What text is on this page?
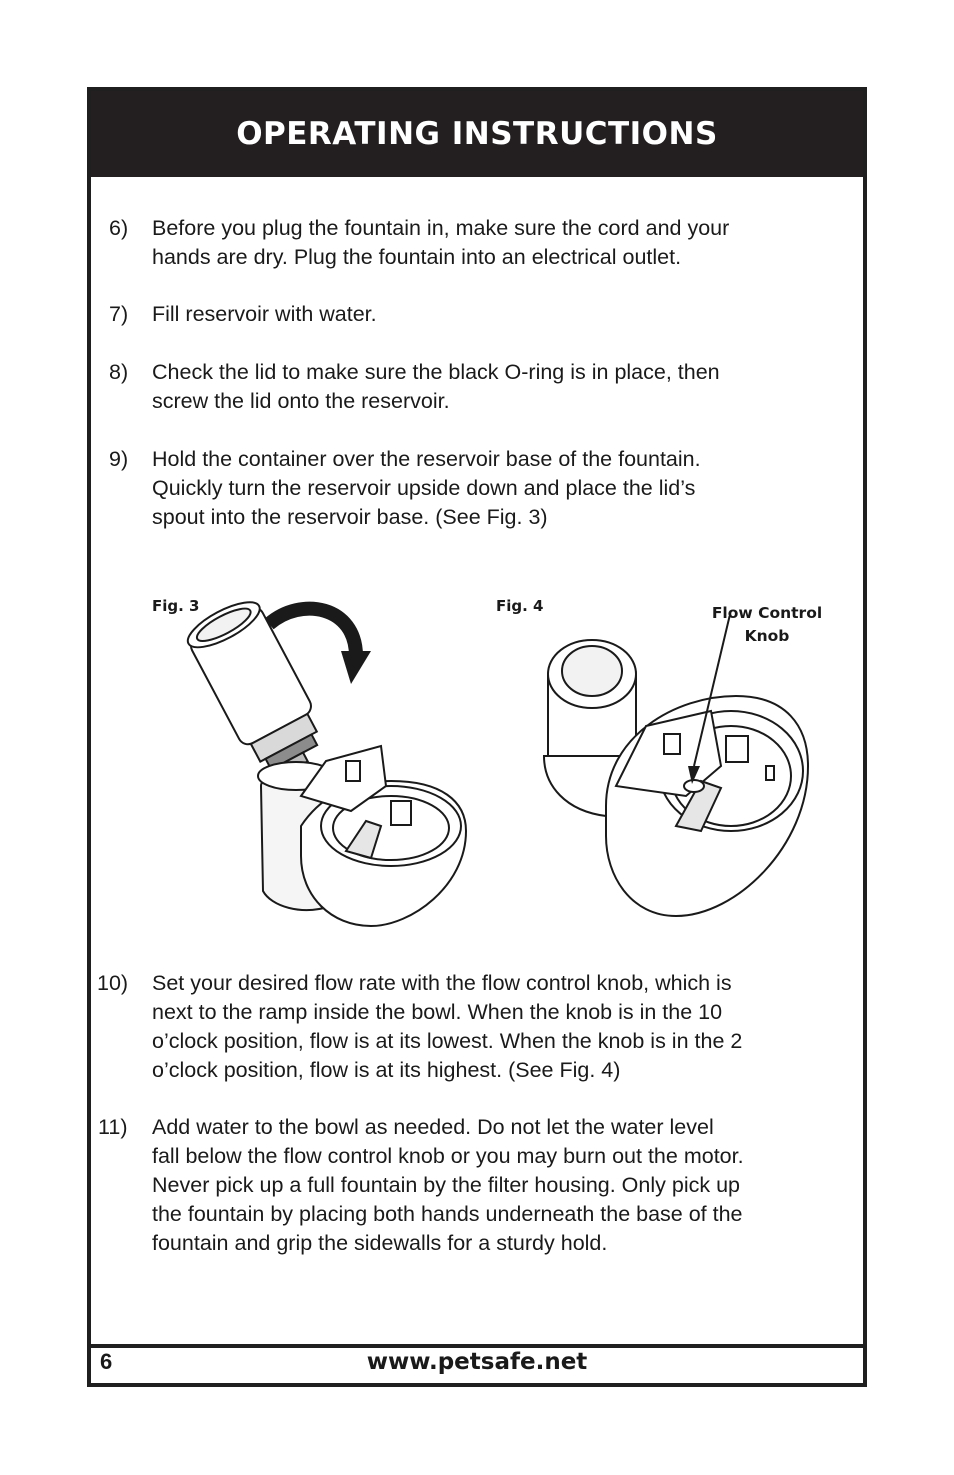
OPERATING INSTRUCTIONS
6) Before you plug the fountain in, make sure the cord and your
hands are dry. Plug the fountain into an electrical outlet.
7) Fill reservoir with water.
8) Check the lid to make sure the black O-ring is in place, then
screw the lid onto the reservoir.
9) Hold the container over the reservoir base of the fountain.
Quickly turn the reservoir upside down and place the lid’s
spout into the reservoir base. (See Fig. 3)
Fig. 3	Fig. 4	Flow Control
Knob
10) Set your desired flow rate with the flow control knob, which is
next to the ramp inside the bowl. When the knob is in the 10
o’clock position, flow is at its lowest. When the knob is in the 2
o’clock position, flow is at its highest. (See Fig. 4)
11) Add water to the bowl as needed. Do not let the water level
fall below the flow control knob or you may burn out the motor.
Never pick up a full fountain by the filter housing. Only pick up
the fountain by placing both hands underneath the base of the
fountain and grip the sidewalls for a sturdy hold.
6	www.petsafe.net
